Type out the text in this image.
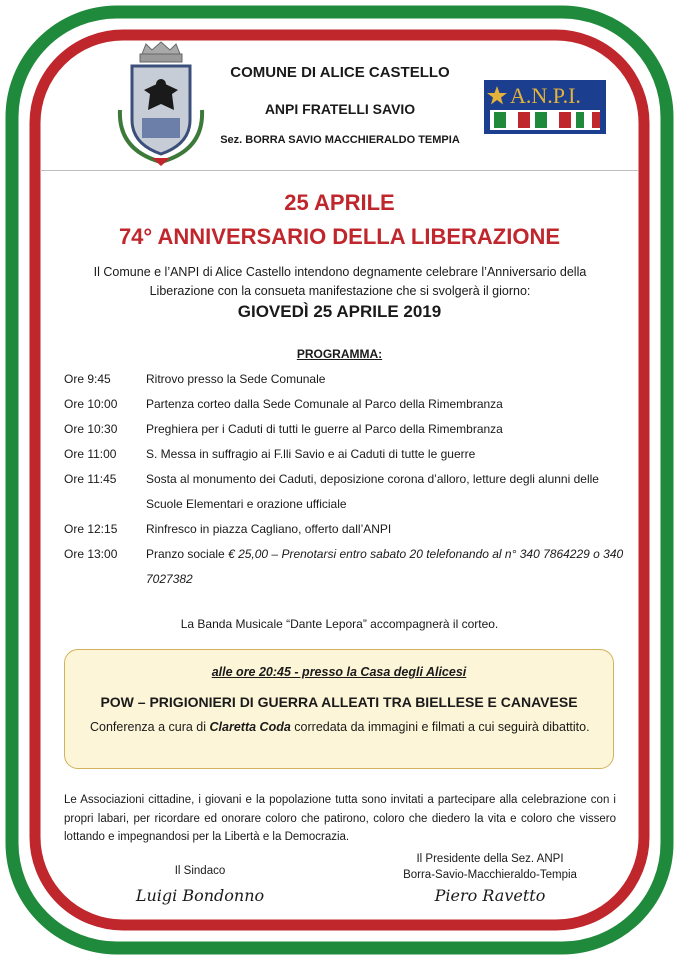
COMUNE DI ALICE CASTELLO
ANPI FRATELLI SAVIO
Sez. BORRA SAVIO MACCHIERALDO TEMPIA
A.N.P.I.
25 APRILE
74° ANNIVERSARIO DELLA LIBERAZIONE
Il Comune e l’ANPI di Alice Castello intendono degnamente celebrare l’Anniversario della Liberazione con la consueta manifestazione che si svolgerà il giorno:
GIOVEDÌ 25 APRILE 2019
PROGRAMMA:
Ore 9:45	Ritrovo presso la Sede Comunale
Ore 10:00	Partenza corteo dalla Sede Comunale al Parco della Rimembranza
Ore 10:30	Preghiera per i Caduti di tutti le guerre al Parco della Rimembranza
Ore 11:00	S. Messa in suffragio ai F.lli Savio e ai Caduti di tutte le guerre
Ore 11:45	Sosta al monumento dei Caduti, deposizione corona d’alloro, letture degli alunni delle Scuole Elementari e orazione ufficiale
Ore 12:15	Rinfresco in piazza Cagliano, offerto dall’ANPI
Ore 13:00	Pranzo sociale € 25,00 – Prenotarsi entro sabato 20 telefonando al n° 340 7864229 o 340 7027382
La Banda Musicale “Dante Lepora” accompagnerà il corteo.
alle ore 20:45 - presso la Casa degli Alicesi
POW – PRIGIONIERI DI GUERRA ALLEATI TRA BIELLESE E CANAVESE
Conferenza a cura di Claretta Coda corredata da immagini e filmati a cui seguirà dibattito.
Le Associazioni cittadine, i giovani e la popolazione tutta sono invitati a partecipare alla celebrazione con i propri labari, per ricordare ed onorare coloro che patirono, coloro che diedero la vita e coloro che vissero lottando e impegnandosi per la Libertà e la Democrazia.
Il Sindaco
Luigi Bondonno
Il Presidente della Sez. ANPI
Borra-Savio-Macchieraldo-Tempia
Piero Ravetto
